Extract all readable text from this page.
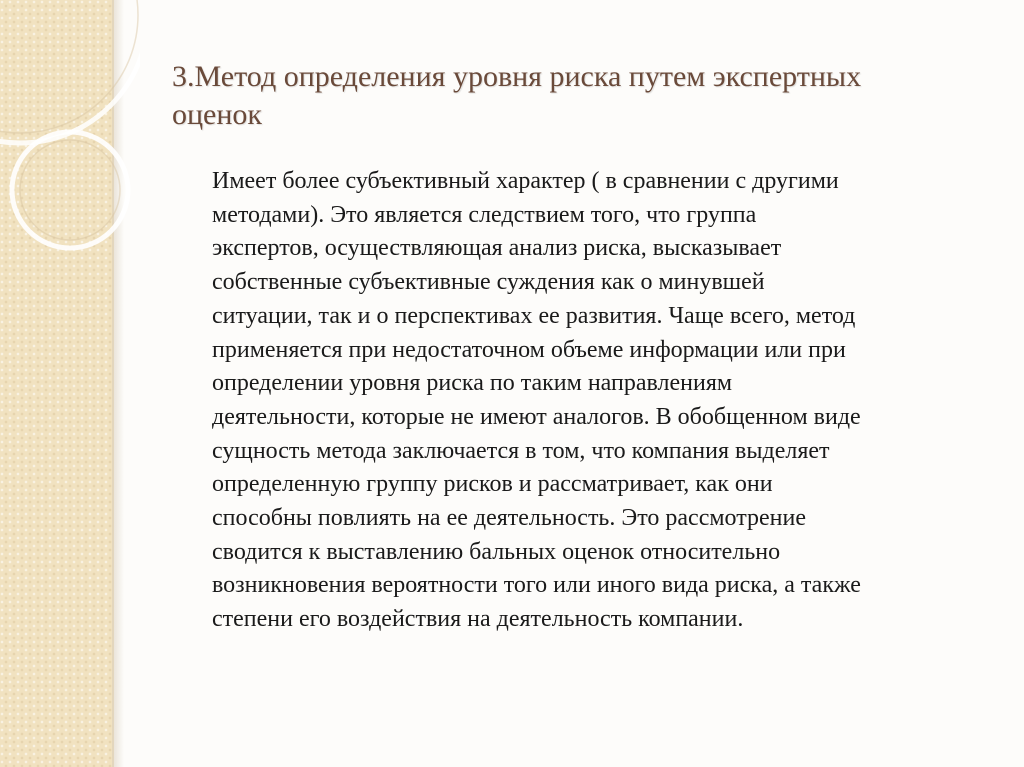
3.Метод определения уровня риска путем экспертных
оценок

Имеет более субъективный характер ( в сравнении с другими
методами). Это является следствием того, что группа
экспертов, осуществляющая анализ риска, высказывает
собственные субъективные суждения как о минувшей
ситуации, так и о перспективах ее развития. Чаще всего, метод
применяется при недостаточном объеме информации или при
определении уровня риска по таким направлениям
деятельности, которые не имеют аналогов. В обобщенном виде
сущность метода заключается в том, что компания выделяет
определенную группу рисков и рассматривает, как они
способны повлиять на ее деятельность. Это рассмотрение
сводится к выставлению бальных оценок относительно
возникновения вероятности того или иного вида риска, а также
степени его воздействия на деятельность компании.
